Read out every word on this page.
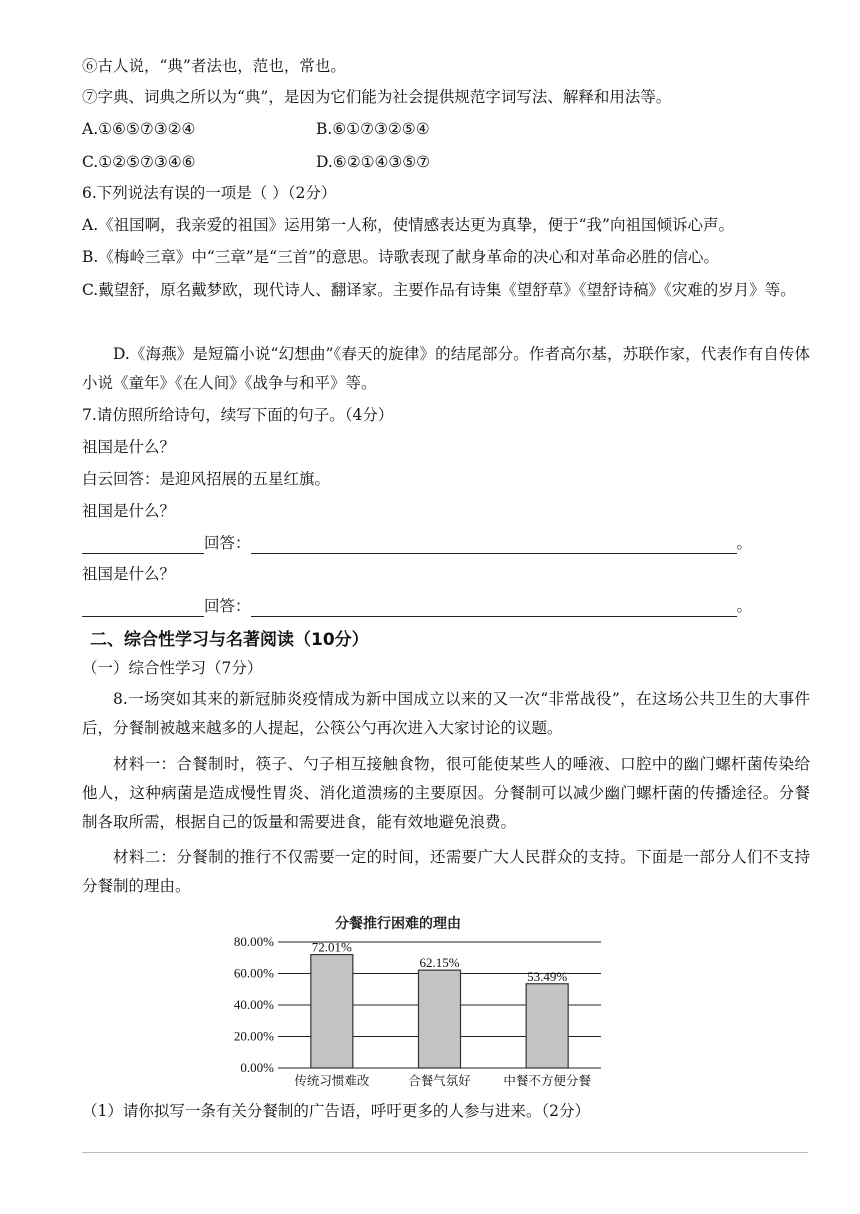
⑥古人说，“典”者法也，范也，常也。
⑦字典、词典之所以为“典”，是因为它们能为社会提供规范字词写法、解释和用法等。
A.①⑥⑤⑦③②④	B.⑥①⑦③②⑤④
C.①②⑤⑦③④⑥	D.⑥②①④③⑤⑦
6.下列说法有误的一项是（ ）（2分）
A.《祖国啊，我亲爱的祖国》运用第一人称，使情感表达更为真挚，便于“我”向祖国倾诉心声。
B.《梅岭三章》中“三章”是“三首”的意思。诗歌表现了献身革命的决心和对革命必胜的信心。
C.戴望舒，原名戴梦欧，现代诗人、翻译家。主要作品有诗集《望舒草》《望舒诗稿》《灾难的岁月》等。
D.《海燕》是短篇小说“幻想曲”《春天的旋律》的结尾部分。作者高尔基，苏联作家，代表作有自传体小说《童年》《在人间》《战争与和平》等。
7.请仿照所给诗句，续写下面的句子。（4分）
祖国是什么？
白云回答：是迎风招展的五星红旗。
祖国是什么？
回答：	。
祖国是什么？
回答：	。
二、综合性学习与名著阅读（10分）
（一）综合性学习（7分）
8.一场突如其来的新冠肺炎疫情成为新中国成立以来的又一次“非常战役”，在这场公共卫生的大事件后，分餐制被越来越多的人提起，公筷公勺再次进入大家讨论的议题。
材料一：合餐制时，筷子、勺子相互接触食物，很可能使某些人的唾液、口腔中的幽门螺杆菌传染给他人，这种病菌是造成慢性胃炎、消化道溃疡的主要原因。分餐制可以减少幽门螺杆菌的传播途径。分餐制各取所需，根据自己的饭量和需要进食，能有效地避免浪费。
材料二：分餐制的推行不仅需要一定的时间，还需要广大人民群众的支持。下面是一部分人们不支持分餐制的理由。
分餐推行困难的理由
0.00%
20.00%
40.00%
60.00%
80.00%	72.01%
62.15%
53.49%
传统习惯难改	合餐气氛好	中餐不方便分餐
（1）请你拟写一条有关分餐制的广告语，呼吁更多的人参与进来。（2分）
